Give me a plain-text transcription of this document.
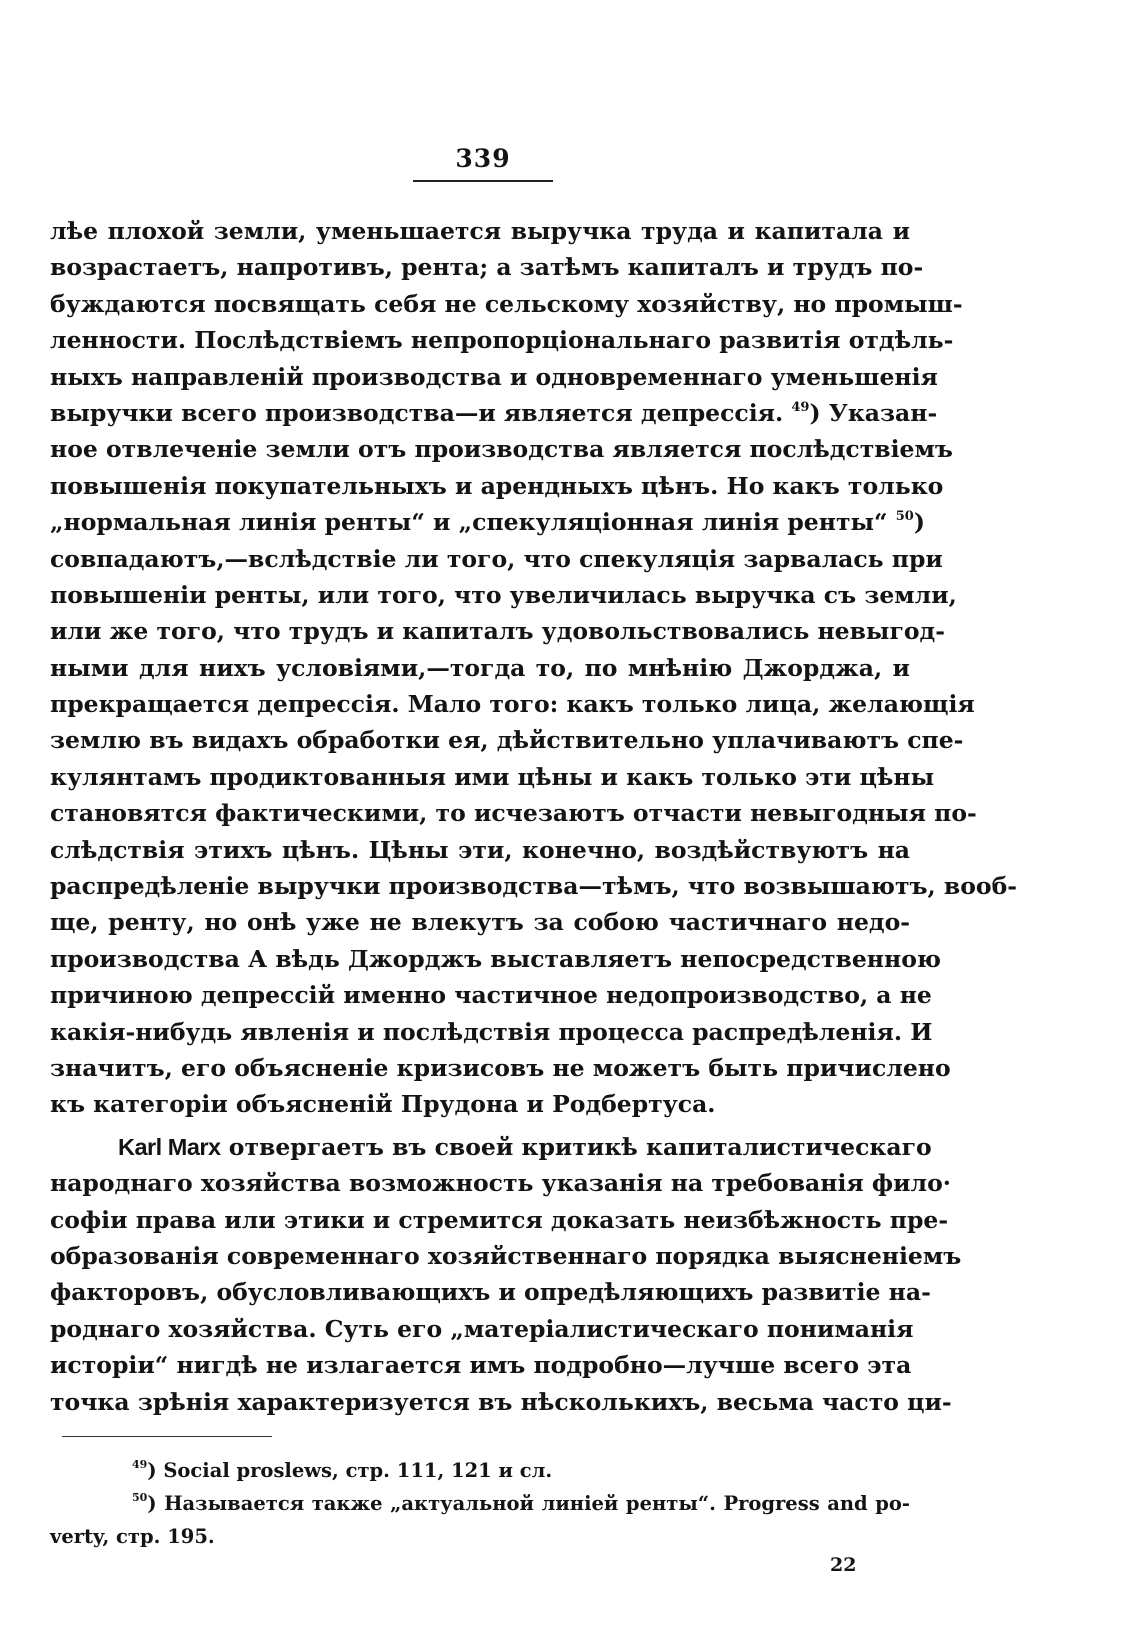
339
лѣе плохой земли, уменьшается выручка труда и капитала и
возрастаетъ, напротивъ, рента; а затѣмъ капиталъ и трудъ по-
буждаются посвящать себя не сельскому хозяйству, но промыш-
ленности. Послѣдствіемъ непропорціональнаго развитія отдѣль-
ныхъ направленій производства и одновременнаго уменьшенія
выручки всего производства—и является депрессія. $^{49}$) Указан-
ное отвлеченіе земли отъ производства является послѣдствіемъ
повышенія покупательныхъ и арендныхъ цѣнъ. Но какъ только
„нормальная линія ренты“ и „спекуляціонная линія ренты“ $^{50}$)
совпадаютъ,—вслѣдствіе ли того, что спекуляція зарвалась при
повышеніи ренты, или того, что увеличилась выручка съ земли,
или же того, что трудъ и капиталъ удовольствовались невыгод-
ными для нихъ условіями,—тогда то, по мнѣнію Джорджа, и
прекращается депрессія. Мало того: какъ только лица, желающія
землю въ видахъ обработки ея, дѣйствительно уплачиваютъ спе-
кулянтамъ продиктованныя ими цѣны и какъ только эти цѣны
становятся фактическими, то исчезаютъ отчасти невыгодныя по-
слѣдствія этихъ цѣнъ. Цѣны эти, конечно, воздѣйствуютъ на
распредѣленіе выручки производства—тѣмъ, что возвышаютъ, вооб-
ще, ренту, но онѣ уже не влекутъ за собою частичнаго недо-
производства А вѣдь Джорджъ выставляетъ непосредственною
причиною депрессій именно частичное недопроизводство, а не
какія-нибудь явленія и послѣдствія процесса распредѣленія. И
значитъ, его объясненіе кризисовъ не можетъ быть причислено
къ категоріи объясненій Прудона и Родбертуса.
Karl Marx отвергаетъ въ своей критикѣ капиталистическаго
народнаго хозяйства возможность указанія на требованія фило·
софіи права или этики и стремится доказать неизбѣжность пре-
образованія современнаго хозяйственнаго порядка выясненіемъ
факторовъ, обусловливающихъ и опредѣляющихъ развитіе на-
роднаго хозяйства. Суть его „матеріалистическаго пониманія
исторіи“ нигдѣ не излагается имъ подробно—лучше всего эта
точка зрѣнія характеризуется въ нѣсколькихъ, весьма часто ци-
$^{49}$) Social proslews, стр. 111, 121 и сл.
$^{50}$) Называется также „актуальной линіей ренты“. Progress and po-
verty, стр. 195.
22
